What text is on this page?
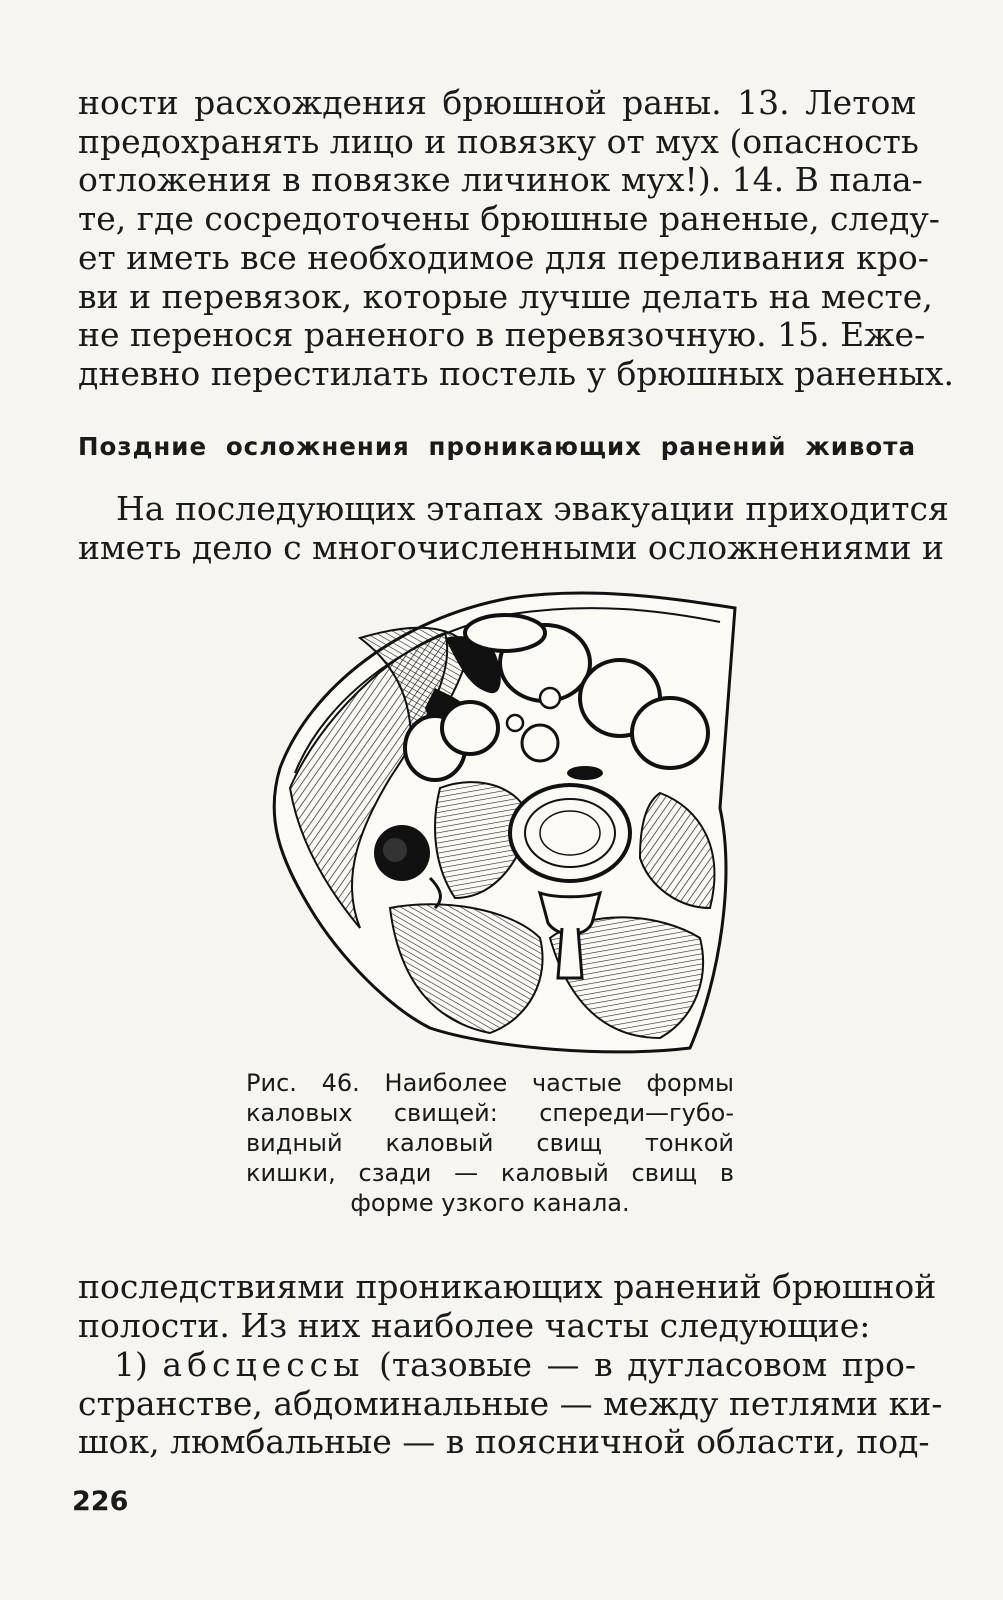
ности расхождения брюшной раны. 13. Летом
предохранять лицо и повязку от мух (опасность
отложения в повязке личинок мух!). 14. В пала-
те, где сосредоточены брюшные раненые, следу-
ет иметь все необходимое для переливания кро-
ви и перевязок, которые лучше делать на месте,
не перенося раненого в перевязочную. 15. Еже-
дневно перестилать постель у брюшных раненых.
Поздние осложнения проникающих ранений живота
На последующих этапах эвакуации приходится
иметь дело с многочисленными осложнениями и
Рис. 46. Наиболее частые формы
каловых свищей: спереди—губо-
видный каловый свищ тонкой
кишки, сзади — каловый свищ в
форме узкого канала.
последствиями проникающих ранений брюшной
полости. Из них наиболее часты следующие:
1) абсцессы (тазовые — в дугласовом про-
странстве, абдоминальные — между петлями ки-
шок, люмбальные — в поясничной области, под-

226
